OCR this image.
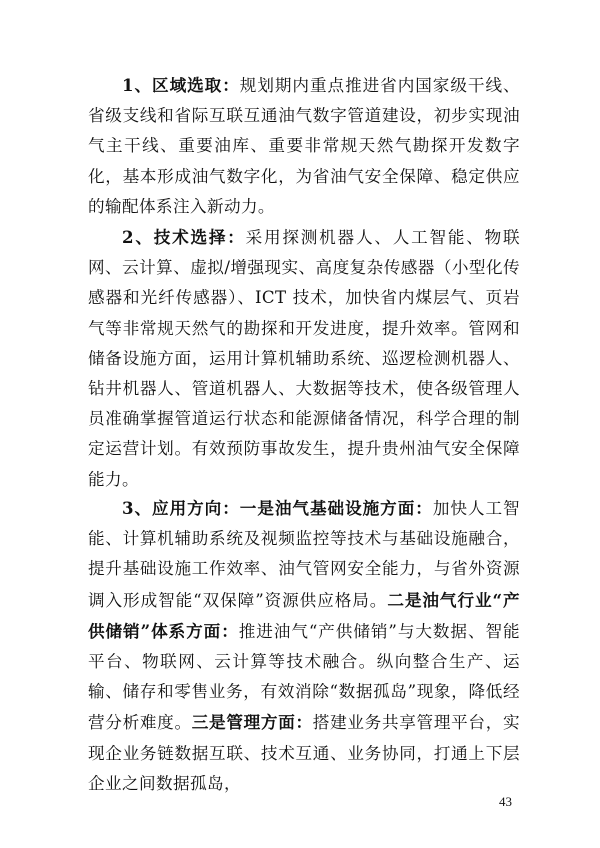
1、区域选取：规划期内重点推进省内国家级干线、省级支线和省际互联互通油气数字管道建设，初步实现油气主干线、重要油库、重要非常规天然气勘探开发数字化，基本形成油气数字化，为省油气安全保障、稳定供应的输配体系注入新动力。

2、技术选择：采用探测机器人、人工智能、物联网、云计算、虚拟/增强现实、高度复杂传感器（小型化传感器和光纤传感器）、ICT 技术，加快省内煤层气、页岩气等非常规天然气的勘探和开发进度，提升效率。管网和储备设施方面，运用计算机辅助系统、巡逻检测机器人、钻井机器人、管道机器人、大数据等技术，使各级管理人员准确掌握管道运行状态和能源储备情况，科学合理的制定运营计划。有效预防事故发生，提升贵州油气安全保障能力。

3、应用方向：一是油气基础设施方面：加快人工智能、计算机辅助系统及视频监控等技术与基础设施融合，提升基础设施工作效率、油气管网安全能力，与省外资源调入形成智能“双保障”资源供应格局。二是油气行业“产供储销”体系方面：推进油气“产供储销”与大数据、智能平台、物联网、云计算等技术融合。纵向整合生产、运输、储存和零售业务，有效消除“数据孤岛”现象，降低经营分析难度。三是管理方面：搭建业务共享管理平台，实现企业务链数据互联、技术互通、业务协同，打通上下层企业之间数据孤岛，

43
